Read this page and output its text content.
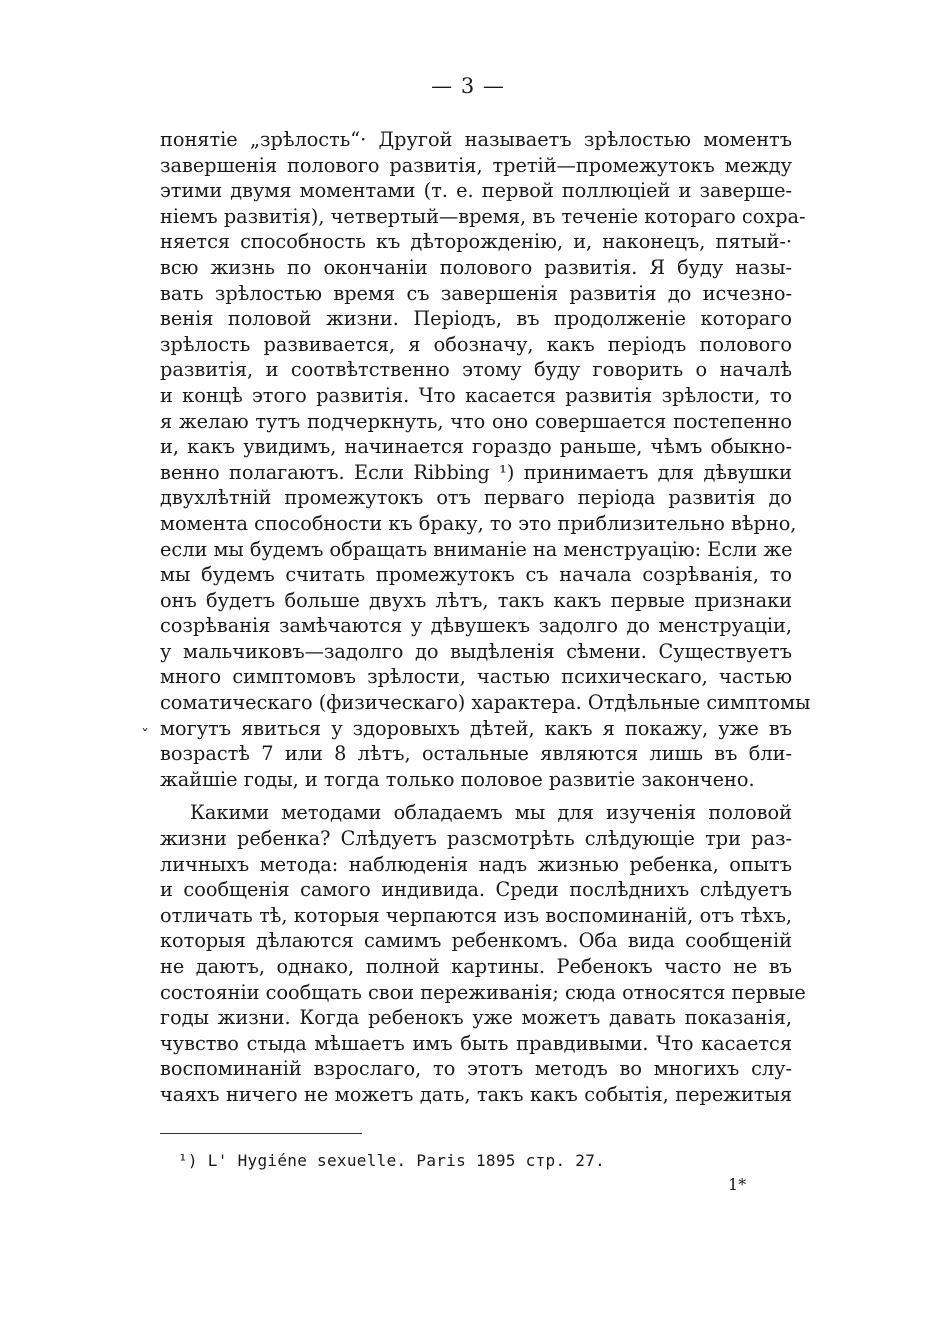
— 3 —
понятіе „зрѣлость“· Другой называетъ зрѣлостью моментъ
завершенія полового развитія, третій—промежутокъ между
этими двумя моментами (т. е. первой поллюціей и заверше-
ніемъ развитія), четвертый—время, въ теченіе котораго сохра-
няется способность къ дѣторожденію, и, наконецъ, пятый-·
всю жизнь по окончаніи полового развитія. Я буду назы-
вать зрѣлостью время съ завершенія развитія до исчезно-
венія половой жизни. Періодъ, въ продолженіе котораго
зрѣлость развивается, я обозначу, какъ періодъ полового
развитія, и соотвѣтственно этому буду говорить о началѣ
и концѣ этого развитія. Что касается развитія зрѣлости, то
я желаю тутъ подчеркнуть, что оно совершается постепенно
и, какъ увидимъ, начинается гораздо раньше, чѣмъ обыкно-
венно полагаютъ. Если Ribbing ¹) принимаетъ для дѣвушки
двухлѣтній промежутокъ отъ перваго періода развитія до
момента способности къ браку, то это приблизительно вѣрно,
если мы будемъ обращать вниманіе на менструацію: Если же
мы будемъ считать промежутокъ съ начала созрѣванія, то
онъ будетъ больше двухъ лѣтъ, такъ какъ первые признаки
созрѣванія замѣчаются у дѣвушекъ задолго до менструаціи,
у мальчиковъ—задолго до выдѣленія сѣмени. Существуетъ
много симптомовъ зрѣлости, частью психическаго, частью
соматическаго (физическаго) характера. Отдѣльные симптомы
могутъ явиться у здоровыхъ дѣтей, какъ я покажу, уже въ
возрастѣ 7 или 8 лѣтъ, остальные являются лишь въ бли-
жайшіе годы, и тогда только половое развитіе закончено.
Какими методами обладаемъ мы для изученія половой
жизни ребенка? Слѣдуетъ разсмотрѣть слѣдующіе три раз-
личныхъ метода: наблюденія надъ жизнью ребенка, опытъ
и сообщенія самого индивида. Среди послѣднихъ слѣдуетъ
отличать тѣ, которыя черпаются изъ воспоминаній, отъ тѣхъ,
которыя дѣлаются самимъ ребенкомъ. Оба вида сообщеній
не даютъ, однако, полной картины. Ребенокъ часто не въ
состояніи сообщать свои переживанія; сюда относятся первые
годы жизни. Когда ребенокъ уже можетъ давать показанія,
чувство стыда мѣшаетъ имъ быть правдивыми. Что касается
воспоминаній взрослаго, то этотъ методъ во многихъ слу-
чаяхъ ничего не можетъ дать, такъ какъ событія, пережитыя
˯
¹) L' Hygiéne sexuelle. Paris 1895 стр. 27.
1*
